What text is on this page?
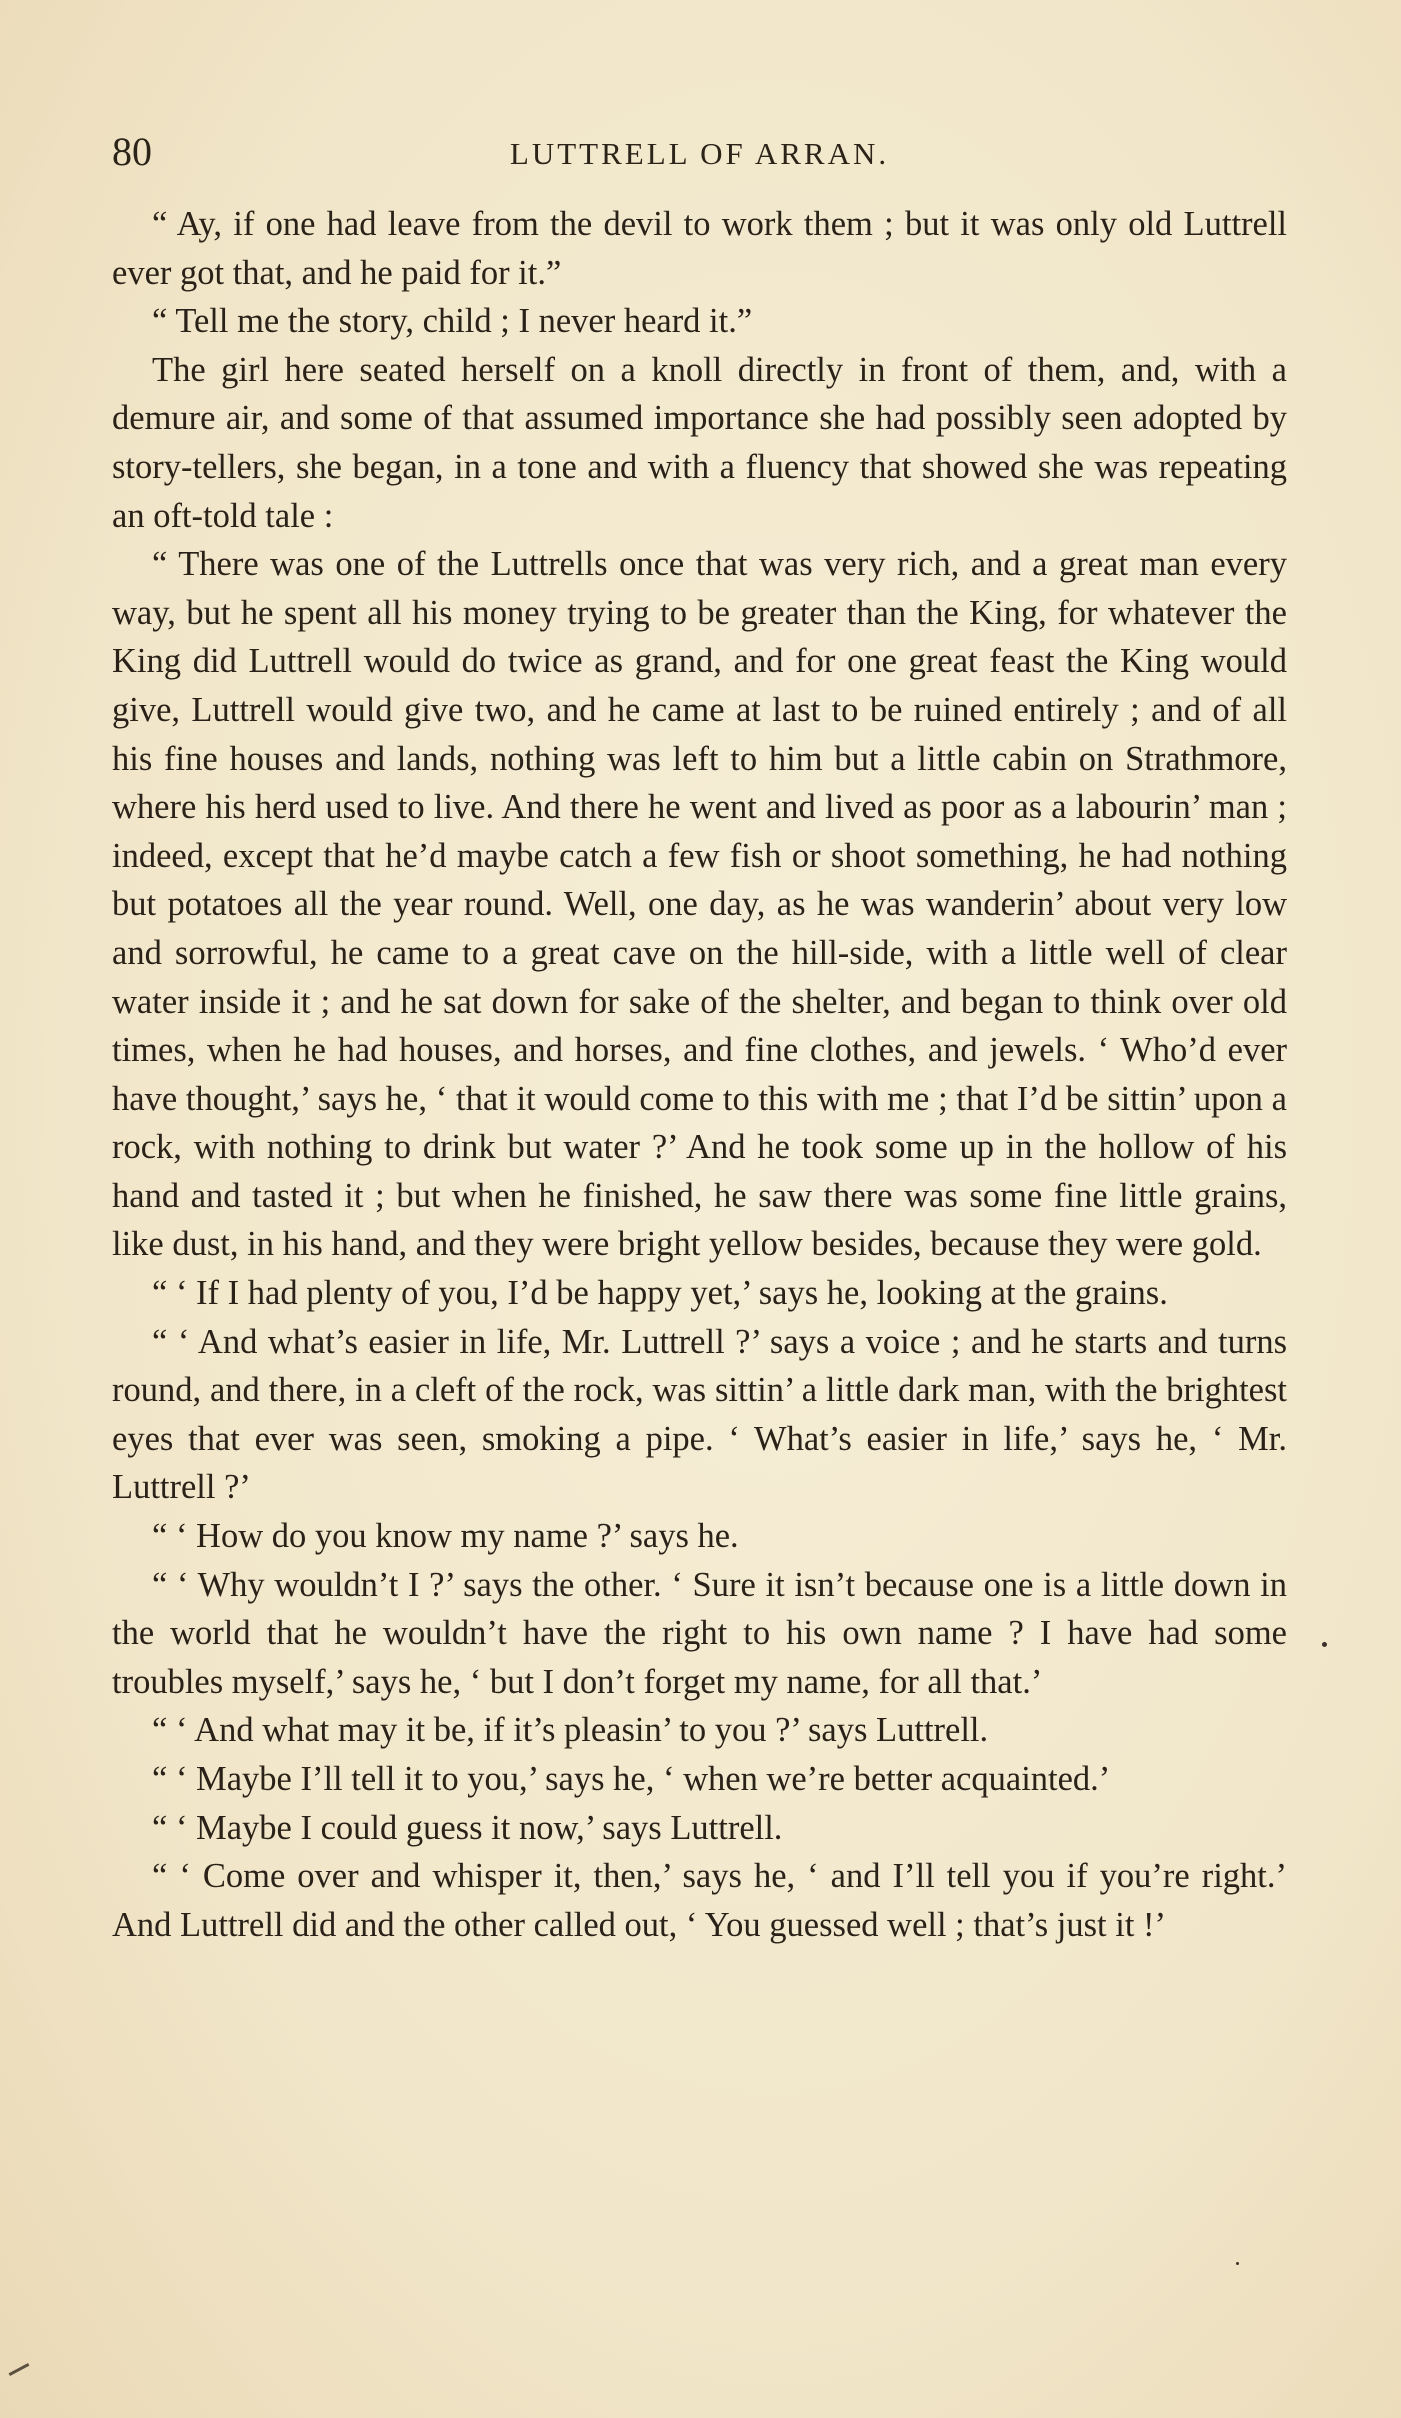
80	LUTTRELL OF ARRAN.

“ Ay, if one had leave from the devil to work them ; but it was only old Luttrell ever got that, and he paid for it.”

“ Tell me the story, child ; I never heard it.”

The girl here seated herself on a knoll directly in front of them, and, with a demure air, and some of that assumed importance she had possibly seen adopted by story-tellers, she began, in a tone and with a fluency that showed she was repeating an oft-told tale :

“ There was one of the Luttrells once that was very rich, and a great man every way, but he spent all his money trying to be greater than the King, for whatever the King did Luttrell would do twice as grand, and for one great feast the King would give, Luttrell would give two, and he came at last to be ruined entirely ; and of all his fine houses and lands, nothing was left to him but a little cabin on Strathmore, where his herd used to live. And there he went and lived as poor as a labourin’ man ; indeed, except that he’d maybe catch a few fish or shoot something, he had nothing but potatoes all the year round. Well, one day, as he was wanderin’ about very low and sorrowful, he came to a great cave on the hill-side, with a little well of clear water inside it ; and he sat down for sake of the shelter, and began to think over old times, when he had houses, and horses, and fine clothes, and jewels. ‘ Who’d ever have thought,’ says he, ‘ that it would come to this with me ; that I’d be sittin’ upon a rock, with nothing to drink but water ?’ And he took some up in the hollow of his hand and tasted it ; but when he finished, he saw there was some fine little grains, like dust, in his hand, and they were bright yellow besides, because they were gold.

“ ‘ If I had plenty of you, I’d be happy yet,’ says he, looking at the grains.

“ ‘ And what’s easier in life, Mr. Luttrell ?’ says a voice ; and he starts and turns round, and there, in a cleft of the rock, was sittin’ a little dark man, with the brightest eyes that ever was seen, smoking a pipe. ‘ What’s easier in life,’ says he, ‘ Mr. Luttrell ?’

“ ‘ How do you know my name ?’ says he.

“ ‘ Why wouldn’t I ?’ says the other. ‘ Sure it isn’t because one is a little down in the world that he wouldn’t have the right to his own name ? I have had some troubles myself,’ says he, ‘ but I don’t forget my name, for all that.’

“ ‘ And what may it be, if it’s pleasin’ to you ?’ says Luttrell.

“ ‘ Maybe I’ll tell it to you,’ says he, ‘ when we’re better acquainted.’

“ ‘ Maybe I could guess it now,’ says Luttrell.

“ ‘ Come over and whisper it, then,’ says he, ‘ and I’ll tell you if you’re right.’ And Luttrell did and the other called out, ‘ You guessed well ; that’s just it !’
